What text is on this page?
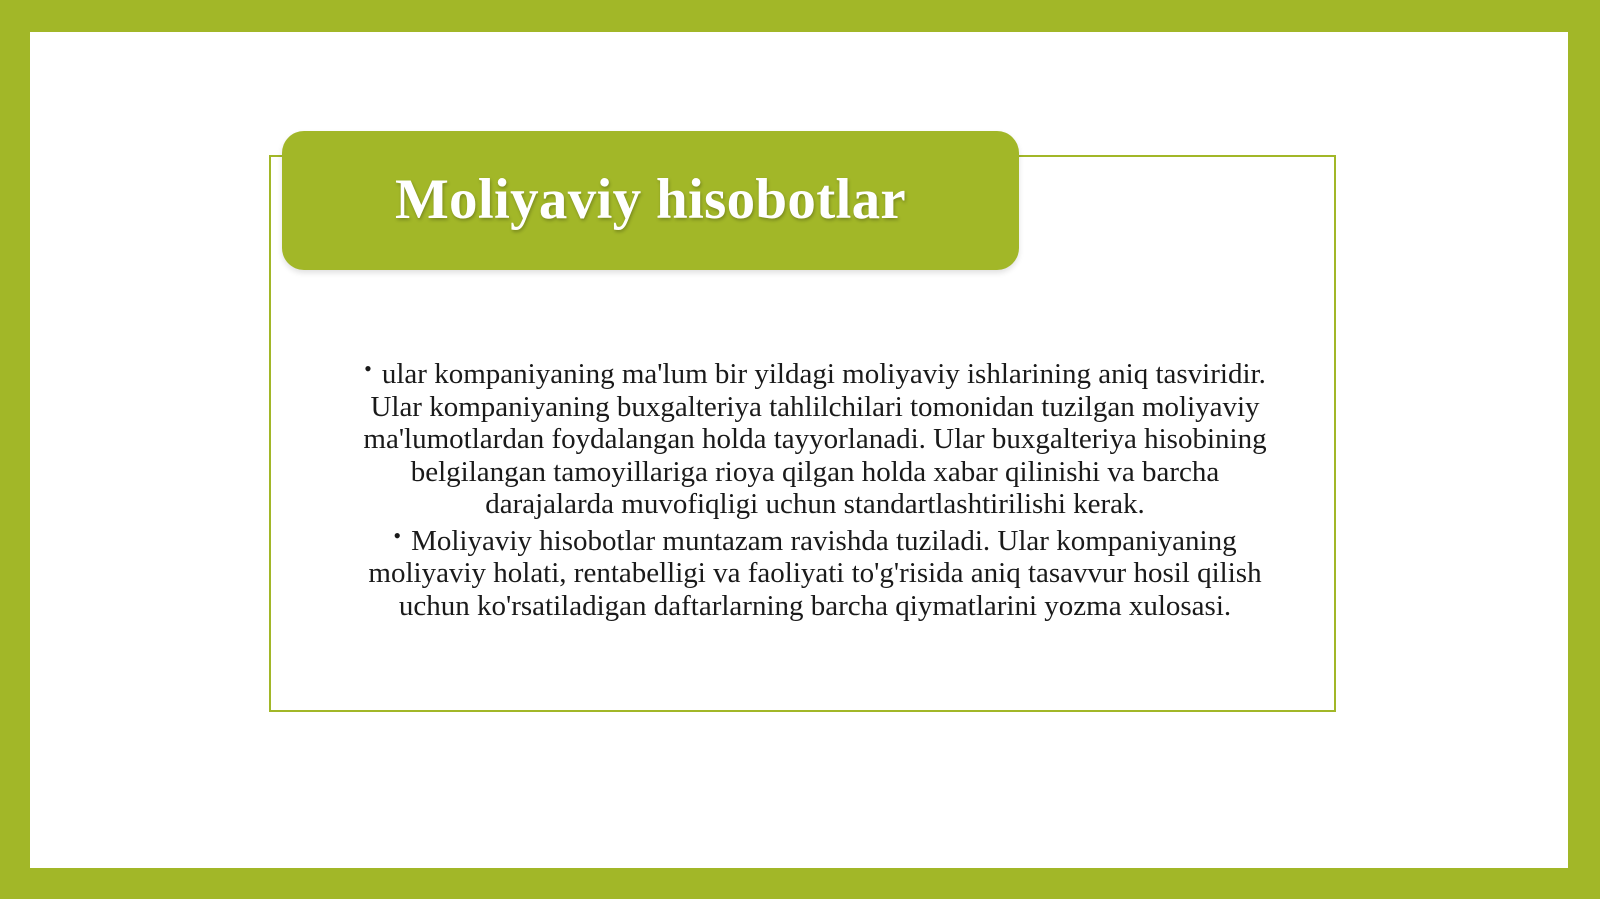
Moliyaviy hisobotlar
• ular kompaniyaning ma'lum bir yildagi moliyaviy ishlarining aniq tasviridir. Ular kompaniyaning buxgalteriya tahlilchilari tomonidan tuzilgan moliyaviy ma'lumotlardan foydalangan holda tayyorlanadi. Ular buxgalteriya hisobining belgilangan tamoyillariga rioya qilgan holda xabar qilinishi va barcha darajalarda muvofiqligi uchun standartlashtirilishi kerak.
• Moliyaviy hisobotlar muntazam ravishda tuziladi. Ular kompaniyaning moliyaviy holati, rentabelligi va faoliyati to'g'risida aniq tasavvur hosil qilish uchun ko'rsatiladigan daftarlarning barcha qiymatlarini yozma xulosasi.
